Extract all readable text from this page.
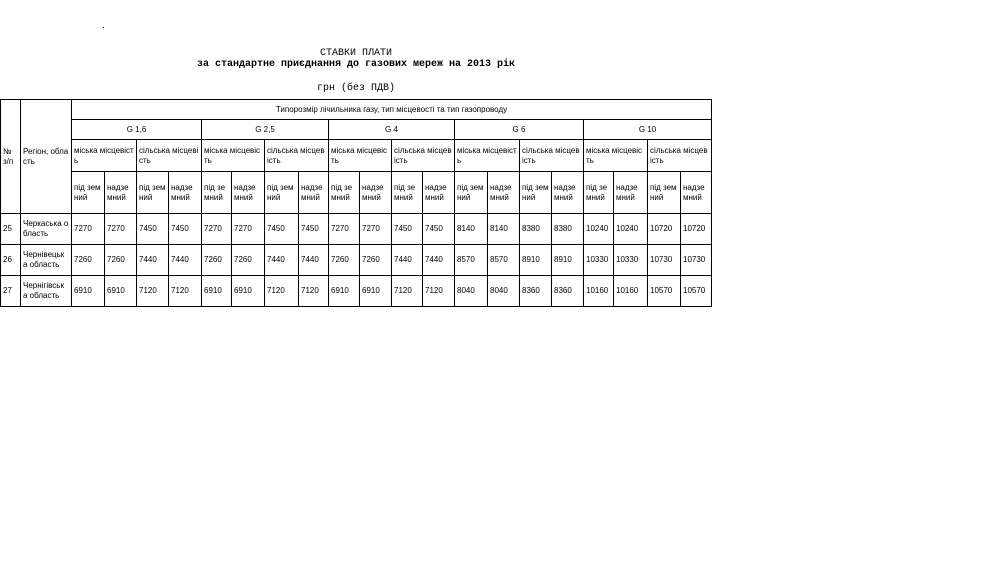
.
СТАВКИ ПЛАТИ
за стандартне приєднання до газових мереж на 2013 рік
грн (без ПДВ)
№ з/п	Регіон, область	Типорозмір лічильника газу, тип місцевості та тип газопроводу																			
		G 1,6				G 2,5				G 4				G 6				G 10			
		міська місцевість		сільська місцевість		міська місцевість		сільська місцевість		міська місцевість		сільська місцевість		міська місцевість		сільська місцевість		міська місцевість		сільська місцевість	
		під земний	надзе мний	під земний	надзе мний	під земний	надзе мний	під земний	надзе мний	під земний	надзе мний	під земний	надзе мний	під земний	надзе мний	під земний	надзе мний	під земний	надзе мний	під земний	надзе мний
25	Черкаська область	7270	7270	7450	7450	7270	7270	7450	7450	7270	7270	7450	7450	8140	8140	8380	8380	10240	10240	10720	10720
26	Чернівецьк а область	7260	7260	7440	7440	7260	7260	7440	7440	7260	7260	7440	7440	8570	8570	8910	8910	10330	10330	10730	10730
27	Чернігівськ а область	6910	6910	7120	7120	6910	6910	7120	7120	6910	6910	7120	7120	8040	8040	8360	8360	10160	10160	10570	10570
